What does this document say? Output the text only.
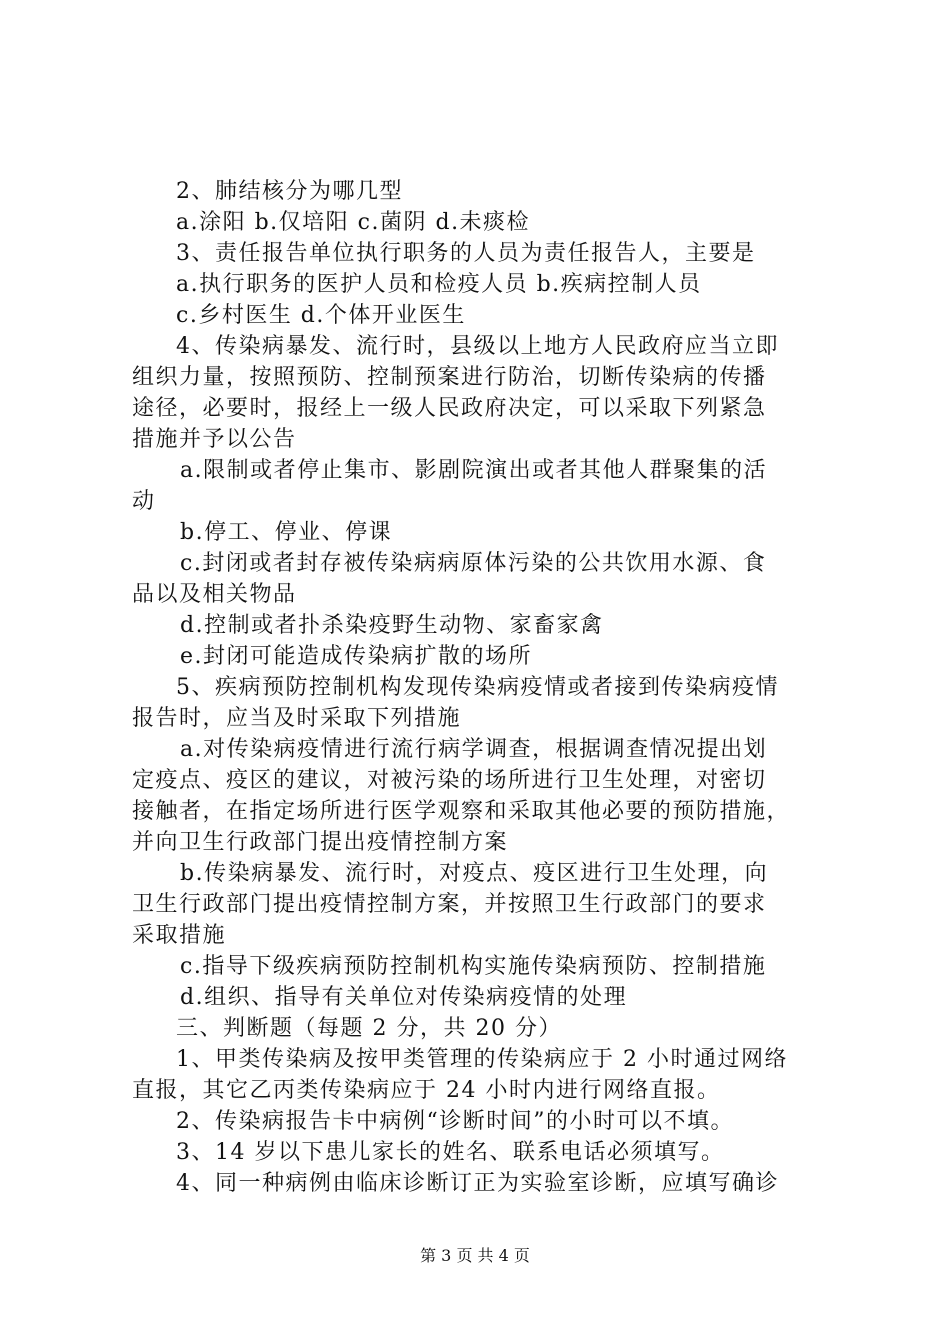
2、肺结核分为哪几型
a.涂阳 b.仅培阳 c.菌阴 d.未痰检
3、责任报告单位执行职务的人员为责任报告人，主要是
a.执行职务的医护人员和检疫人员 b.疾病控制人员
c.乡村医生 d.个体开业医生
4、传染病暴发、流行时，县级以上地方人民政府应当立即
组织力量，按照预防、控制预案进行防治，切断传染病的传播
途径，必要时，报经上一级人民政府决定，可以采取下列紧急
措施并予以公告
a.限制或者停止集市、影剧院演出或者其他人群聚集的活
动
b.停工、停业、停课
c.封闭或者封存被传染病病原体污染的公共饮用水源、食
品以及相关物品
d.控制或者扑杀染疫野生动物、家畜家禽
e.封闭可能造成传染病扩散的场所
5、疾病预防控制机构发现传染病疫情或者接到传染病疫情
报告时，应当及时采取下列措施
a.对传染病疫情进行流行病学调查，根据调查情况提出划
定疫点、疫区的建议，对被污染的场所进行卫生处理，对密切
接触者，在指定场所进行医学观察和采取其他必要的预防措施，
并向卫生行政部门提出疫情控制方案
b.传染病暴发、流行时，对疫点、疫区进行卫生处理，向
卫生行政部门提出疫情控制方案，并按照卫生行政部门的要求
采取措施
c.指导下级疾病预防控制机构实施传染病预防、控制措施
d.组织、指导有关单位对传染病疫情的处理
三、判断题（每题 2 分，共 20 分）
1、甲类传染病及按甲类管理的传染病应于 2 小时通过网络
直报，其它乙丙类传染病应于 24 小时内进行网络直报。
2、传染病报告卡中病例“诊断时间”的小时可以不填。
3、14 岁以下患儿家长的姓名、联系电话必须填写。
4、同一种病例由临床诊断订正为实验室诊断，应填写确诊
第 3 页 共 4 页
